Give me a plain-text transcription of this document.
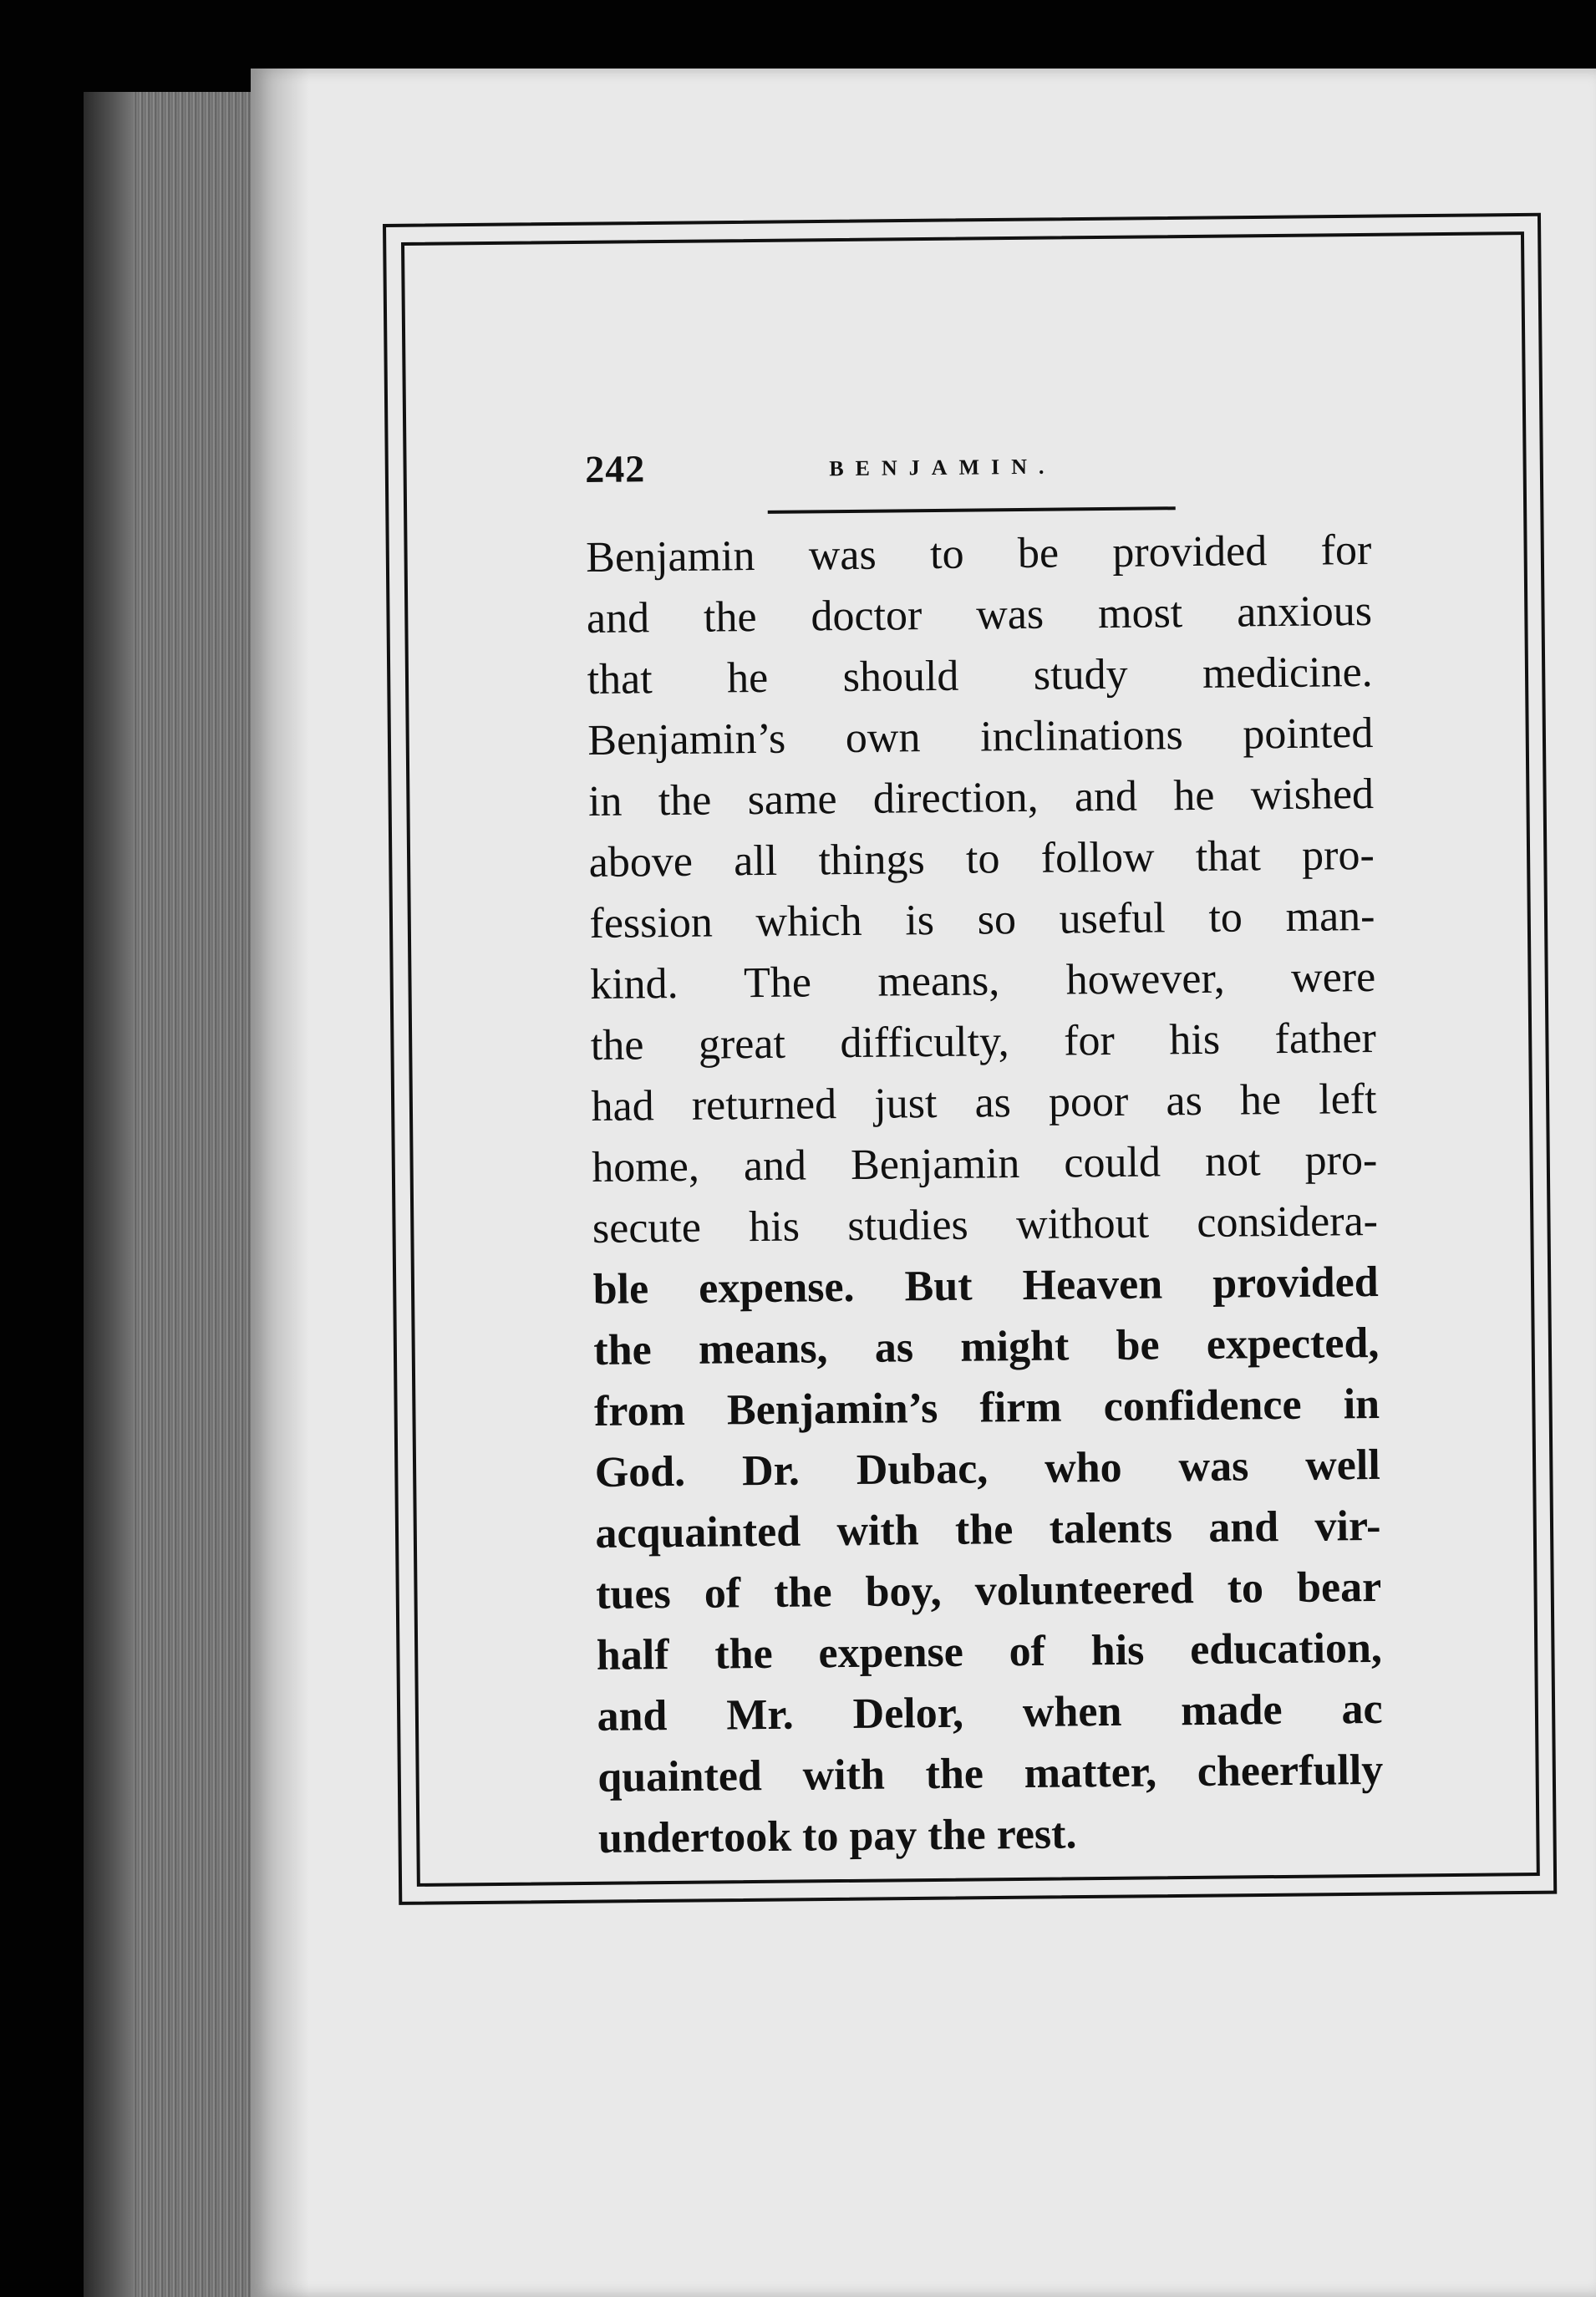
242	BENJAMIN.
Benjamin was to be provided for
and the doctor was most anxious
that he should study medicine.
Benjamin’s own inclinations pointed
in the same direction, and he wished
above all things to follow that pro-
fession which is so useful to man-
kind. The means, however, were
the great difficulty, for his father
had returned just as poor as he left
home, and Benjamin could not pro-
secute his studies without considera-
ble expense. But Heaven provided
the means, as might be expected,
from Benjamin’s firm confidence in
God. Dr. Dubac, who was well
acquainted with the talents and vir-
tues of the boy, volunteered to bear
half the expense of his education,
and Mr. Delor, when made ac
quainted with the matter, cheerfully
undertook to pay the rest.
